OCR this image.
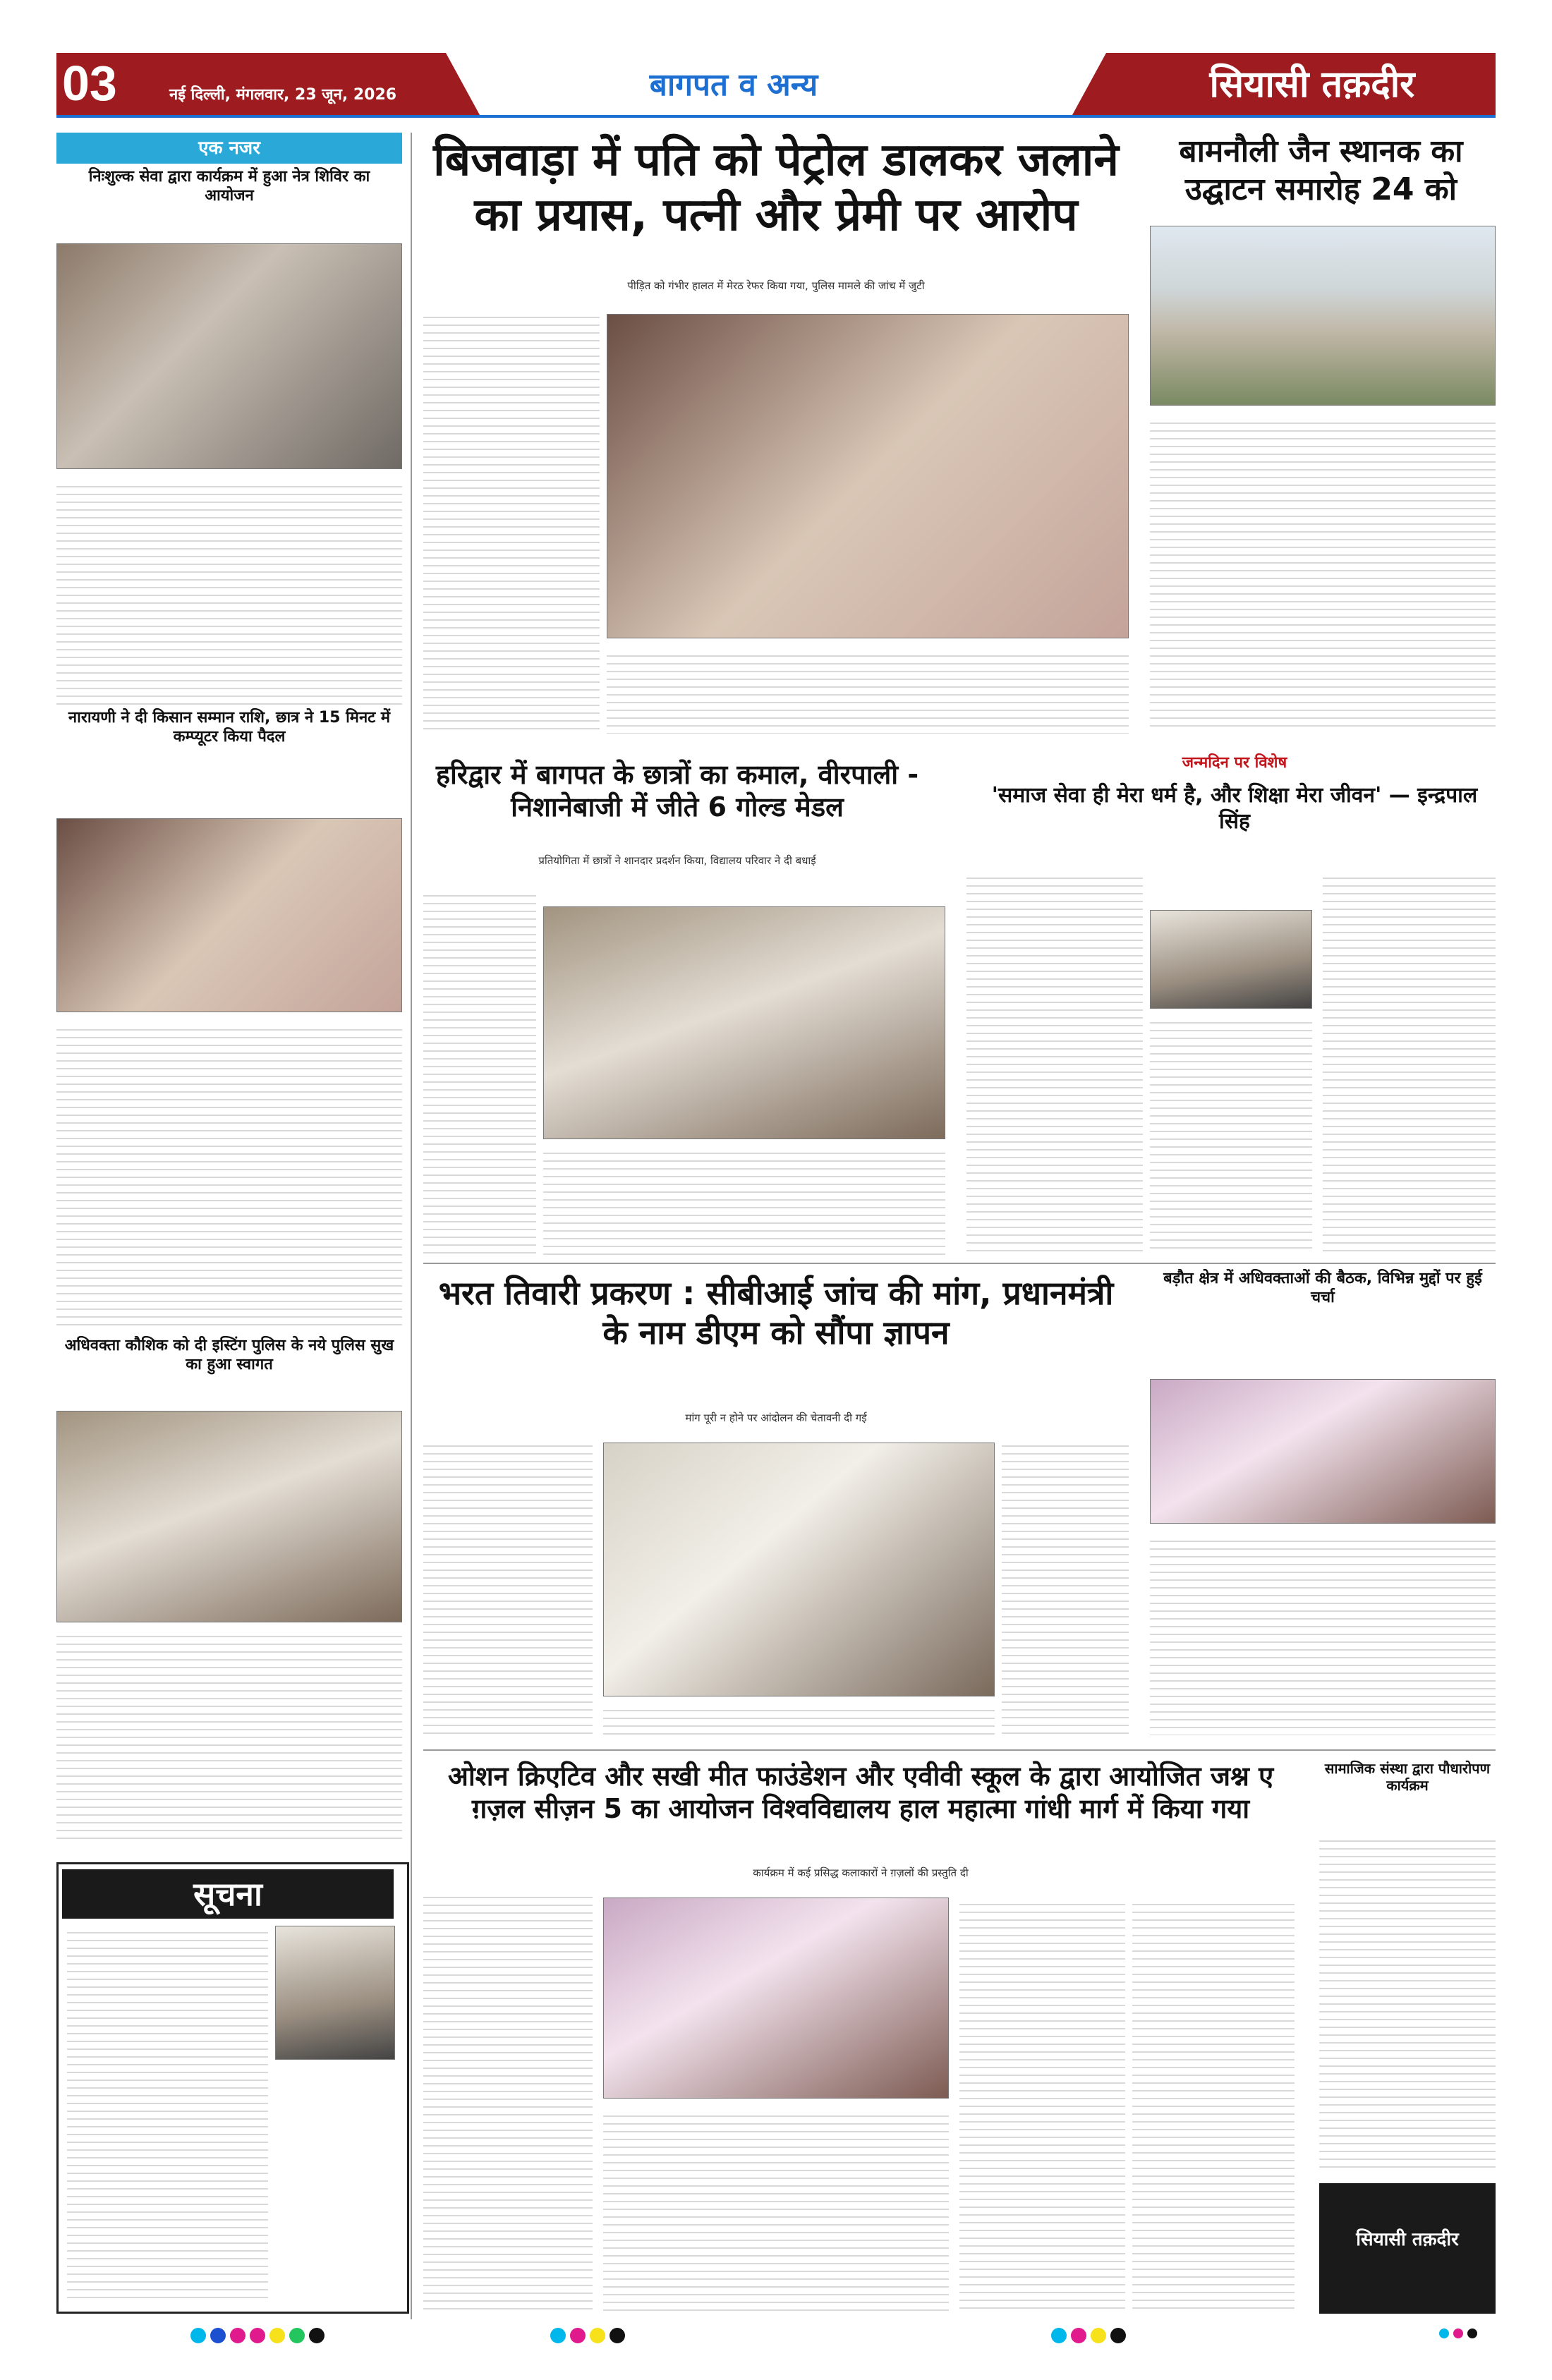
03	नई दिल्ली, मंगलवार, 23 जून, 2026	बागपत व अन्य	सियासी तक़दीर
एक नजर
निःशुल्क सेवा द्वारा कार्यक्रम में हुआ नेत्र शिविर का आयोजन
नारायणी ने दी किसान सम्मान राशि, छात्र ने 15 मिनट में कम्प्यूटर किया पैदल
अधिवक्ता कौशिक को दी इस्टिंग पुलिस के नये पुलिस सुख का हुआ स्वागत
सूचना
बिजवाड़ा में पति को पेट्रोल डालकर जलाने का प्रयास, पत्नी और प्रेमी पर आरोप
पीड़ित को गंभीर हालत में मेरठ रेफर किया गया, पुलिस मामले की जांच में जुटी
बामनौली जैन स्थानक का उद्घाटन समारोह 24 को
हरिद्वार में बागपत के छात्रों का कमाल, वीरपाली - निशानेबाजी में जीते 6 गोल्ड मेडल
प्रतियोगिता में छात्रों ने शानदार प्रदर्शन किया, विद्यालय परिवार ने दी बधाई
जन्मदिन पर विशेष
'समाज सेवा ही मेरा धर्म है, और शिक्षा मेरा जीवन' — इन्द्रपाल सिंह
भरत तिवारी प्रकरण : सीबीआई जांच की मांग, प्रधानमंत्री के नाम डीएम को सौंपा ज्ञापन
मांग पूरी न होने पर आंदोलन की चेतावनी दी गई
बड़ौत क्षेत्र में अधिवक्ताओं की बैठक, विभिन्न मुद्दों पर हुई चर्चा
ओशन क्रिएटिव और सखी मीत फाउंडेशन और एवीवी स्कूल के द्वारा आयोजित जश्न ए ग़ज़ल सीज़न 5 का आयोजन विश्वविद्यालय हाल महात्मा गांधी मार्ग में किया गया
कार्यक्रम में कई प्रसिद्ध कलाकारों ने ग़ज़लों की प्रस्तुति दी
सामाजिक संस्था द्वारा पौधारोपण कार्यक्रम
सियासी तक़दीर
